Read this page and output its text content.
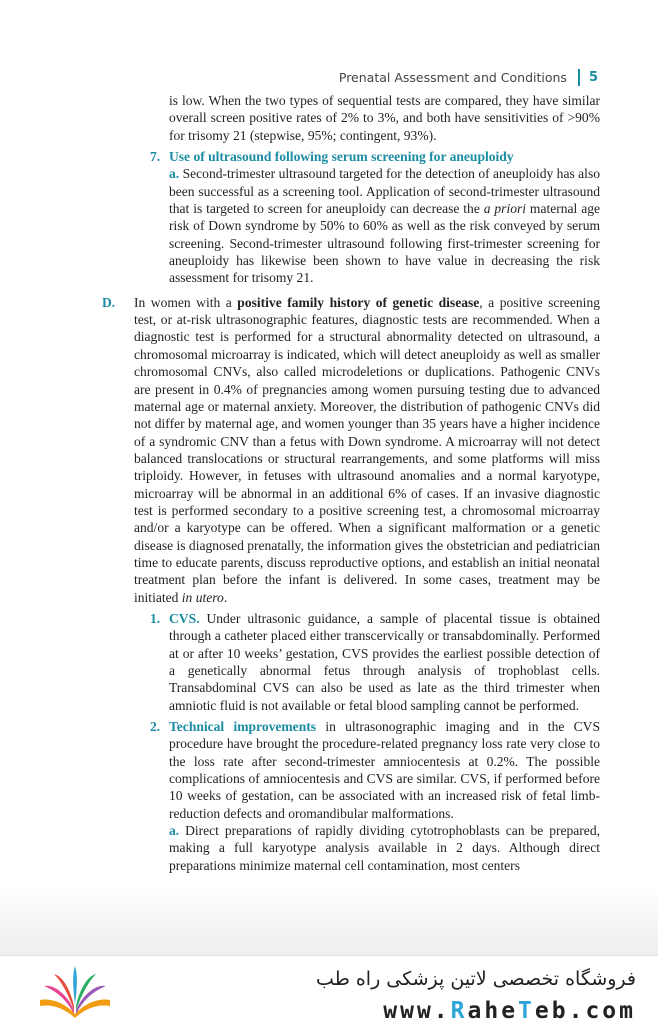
Prenatal Assessment and Conditions 5

is low. When the two types of sequential tests are compared, they have similar overall screen positive rates of 2% to 3%, and both have sensitivities of >90% for trisomy 21 (stepwise, 95%; contingent, 93%).

7. Use of ultrasound following serum screening for aneuploidy

a. Second-trimester ultrasound targeted for the detection of aneuploidy has also been successful as a screening tool. Application of second-trimester ultrasound that is targeted to screen for aneuploidy can decrease the a priori maternal age risk of Down syndrome by 50% to 60% as well as the risk conveyed by serum screening. Second-trimester ultrasound following first-trimester screening for aneuploidy has likewise been shown to have value in decreasing the risk assessment for trisomy 21.

D. In women with a positive family history of genetic disease, a positive screening test, or at-risk ultrasonographic features, diagnostic tests are recommended. When a diagnostic test is performed for a structural abnormality detected on ultrasound, a chromosomal microarray is indicated, which will detect aneuploidy as well as smaller chromosomal CNVs, also called microdeletions or duplications. Pathogenic CNVs are present in 0.4% of pregnancies among women pursuing testing due to advanced maternal age or maternal anxiety. Moreover, the distribution of pathogenic CNVs did not differ by maternal age, and women younger than 35 years have a higher incidence of a syndromic CNV than a fetus with Down syndrome. A microarray will not detect balanced translocations or structural rearrangements, and some platforms will miss triploidy. However, in fetuses with ultrasound anomalies and a normal karyotype, microarray will be abnormal in an additional 6% of cases. If an invasive diagnostic test is performed secondary to a positive screening test, a chromosomal microarray and/or a karyotype can be offered. When a significant malformation or a genetic disease is diagnosed prenatally, the information gives the obstetrician and pediatrician time to educate parents, discuss reproductive options, and establish an initial neonatal treatment plan before the infant is delivered. In some cases, treatment may be initiated in utero.

1. CVS. Under ultrasonic guidance, a sample of placental tissue is obtained through a catheter placed either transcervically or transabdominally. Performed at or after 10 weeks’ gestation, CVS provides the earliest possible detection of a genetically abnormal fetus through analysis of trophoblast cells. Transabdominal CVS can also be used as late as the third trimester when amniotic fluid is not available or fetal blood sampling cannot be performed.

2. Technical improvements in ultrasonographic imaging and in the CVS procedure have brought the procedure-related pregnancy loss rate very close to the loss rate after second-trimester amniocentesis at 0.2%. The possible complications of amniocentesis and CVS are similar. CVS, if performed before 10 weeks of gestation, can be associated with an increased risk of fetal limb-reduction defects and oromandibular malformations.

a. Direct preparations of rapidly dividing cytotrophoblasts can be prepared, making a full karyotype analysis available in 2 days. Although direct preparations minimize maternal cell contamination, most centers

فروشگاه تخصصی لاتین پزشکی راه طب
www.RaheTeb.com
